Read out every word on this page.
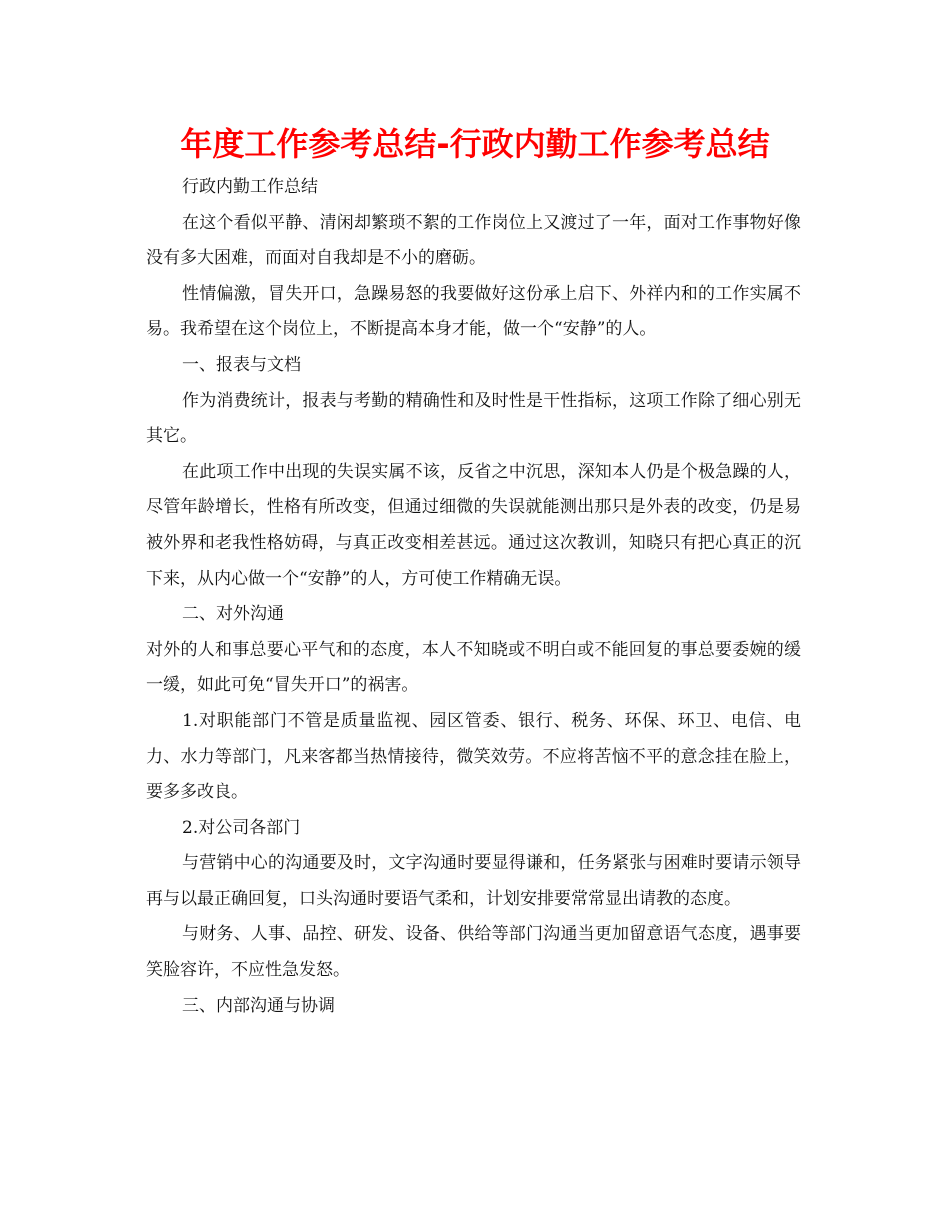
年度工作参考总结-行政内勤工作参考总结

行政内勤工作总结

在这个看似平静、清闲却繁琐不絮的工作岗位上又渡过了一年，面对工作事物好像没有多大困难，而面对自我却是不小的磨砺。

性情偏激，冒失开口，急躁易怒的我要做好这份承上启下、外祥内和的工作实属不易。我希望在这个岗位上，不断提高本身才能，做一个“安静”的人。

一、报表与文档

作为消费统计，报表与考勤的精确性和及时性是干性指标，这项工作除了细心别无其它。

在此项工作中出现的失误实属不该，反省之中沉思，深知本人仍是个极急躁的人，尽管年龄增长，性格有所改变，但通过细微的失误就能测出那只是外表的改变，仍是易被外界和老我性格妨碍，与真正改变相差甚远。通过这次教训，知晓只有把心真正的沉下来，从内心做一个“安静”的人，方可使工作精确无误。

二、对外沟通

对外的人和事总要心平气和的态度，本人不知晓或不明白或不能回复的事总要委婉的缓一缓，如此可免“冒失开口”的祸害。

1.对职能部门不管是质量监视、园区管委、银行、税务、环保、环卫、电信、电力、水力等部门，凡来客都当热情接待，微笑效劳。不应将苦恼不平的意念挂在脸上，要多多改良。

2.对公司各部门

与营销中心的沟通要及时，文字沟通时要显得谦和，任务紧张与困难时要请示领导再与以最正确回复，口头沟通时要语气柔和，计划安排要常常显出请教的态度。

与财务、人事、品控、研发、设备、供给等部门沟通当更加留意语气态度，遇事要笑脸容许，不应性急发怒。

三、内部沟通与协调
